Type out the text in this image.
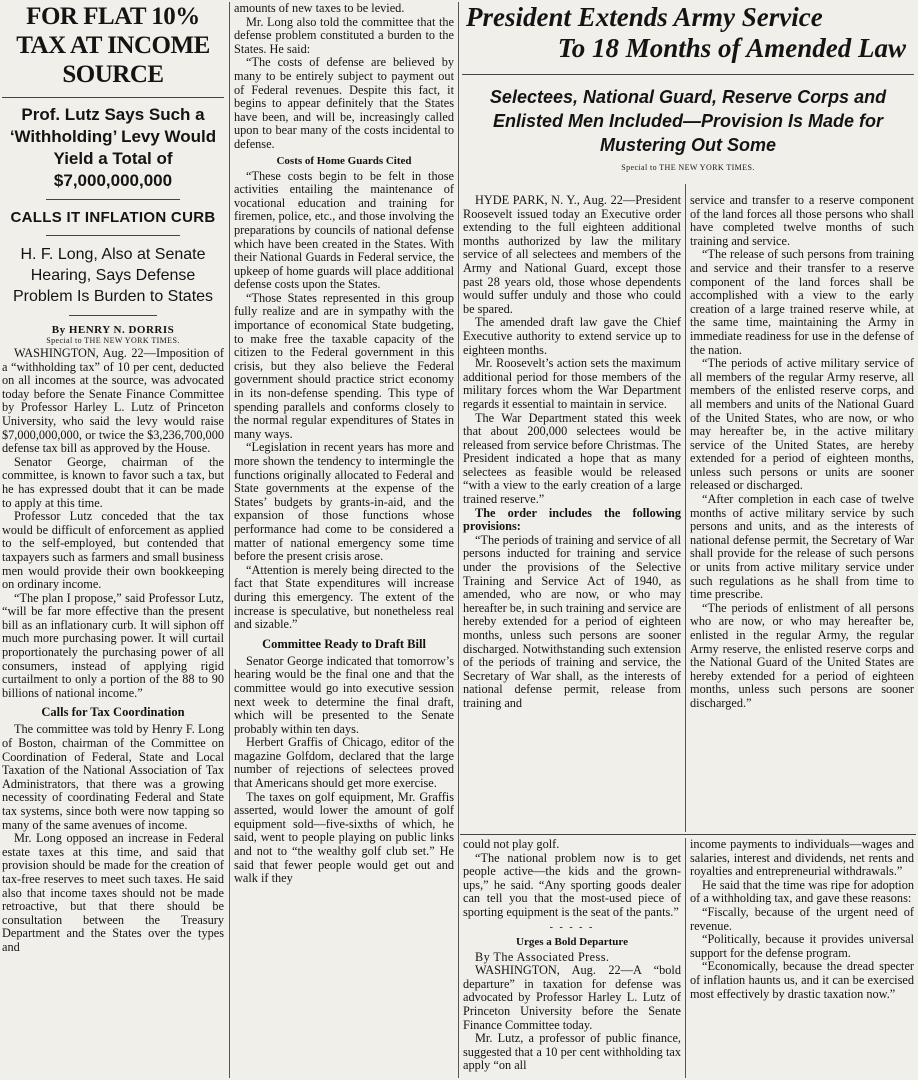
FOR FLAT 10% TAX AT INCOME SOURCE

Prof. Lutz Says Such a ‘Withholding’ Levy Would Yield a Total of $7,000,000,000

CALLS IT INFLATION CURB

H. F. Long, Also at Senate Hearing, Says Defense Problem Is Burden to States

By HENRY N. DORRIS

Special to THE NEW YORK TIMES.

WASHINGTON, Aug. 22—Imposition of a “withholding tax” of 10 per cent, deducted on all incomes at the source, was advocated today before the Senate Finance Committee by Professor Harley L. Lutz of Princeton University, who said the levy would raise $7,000,000,000, or twice the $3,236,700,000 defense tax bill as approved by the House.

Senator George, chairman of the committee, is known to favor such a tax, but he has expressed doubt that it can be made to apply at this time.

Professor Lutz conceded that the tax would be difficult of enforcement as applied to the self-employed, but contended that taxpayers such as farmers and small business men would provide their own bookkeeping on ordinary income.

“The plan I propose,” said Professor Lutz, “will be far more effective than the present bill as an inflationary curb. It will siphon off much more purchasing power. It will curtail proportionately the purchasing power of all consumers, instead of applying rigid curtailment to only a portion of the 88 to 90 billions of national income.”

Calls for Tax Coordination

The committee was told by Henry F. Long of Boston, chairman of the Committee on Coordination of Federal, State and Local Taxation of the National Association of Tax Administrators, that there was a growing necessity of coordinating Federal and State tax systems, since both were now tapping so many of the same avenues of income.

Mr. Long opposed an increase in Federal estate taxes at this time, and said that provision should be made for the creation of tax-free reserves to meet such taxes. He said also that income taxes should not be made retroactive, but that there should be consultation between the Treasury Department and the States over the types and

amounts of new taxes to be levied.

Mr. Long also told the committee that the defense problem constituted a burden to the States. He said:

“The costs of defense are believed by many to be entirely subject to payment out of Federal revenues. Despite this fact, it begins to appear definitely that the States have been, and will be, increasingly called upon to bear many of the costs incidental to defense.

Costs of Home Guards Cited

“These costs begin to be felt in those activities entailing the maintenance of vocational education and training for firemen, police, etc., and those involving the preparations by councils of national defense which have been created in the States. With their National Guards in Federal service, the upkeep of home guards will place additional defense costs upon the States.

“Those States represented in this group fully realize and are in sympathy with the importance of economical State budgeting, to make free the taxable capacity of the citizen to the Federal government in this crisis, but they also believe the Federal government should practice strict economy in its non-defense spending. This type of spending parallels and conforms closely to the normal regular expenditures of States in many ways.

“Legislation in recent years has more and more shown the tendency to intermingle the functions originally allocated to Federal and State governments at the expense of the States’ budgets by grants-in-aid, and the expansion of those functions whose performance had come to be considered a matter of national emergency some time before the present crisis arose.

“Attention is merely being directed to the fact that State expenditures will increase during this emergency. The extent of the increase is speculative, but nonetheless real and sizable.”

Committee Ready to Draft Bill

Senator George indicated that tomorrow’s hearing would be the final one and that the committee would go into executive session next week to determine the final draft, which will be presented to the Senate probably within ten days.

Herbert Graffis of Chicago, editor of the magazine Golfdom, declared that the large number of rejections of selectees proved that Americans should get more exercise.

The taxes on golf equipment, Mr. Graffis asserted, would lower the amount of golf equipment sold—five-sixths of which, he said, went to people playing on public links and not to “the wealthy golf club set.” He said that fewer people would get out and walk if they

President Extends Army Service

To 18 Months of Amended Law

Selectees, National Guard, Reserve Corps and Enlisted Men Included—Provision Is Made for Mustering Out Some

Special to THE NEW YORK TIMES.

HYDE PARK, N. Y., Aug. 22—President Roosevelt issued today an Executive order extending to the full eighteen additional months authorized by law the military service of all selectees and members of the Army and National Guard, except those past 28 years old, those whose dependents would suffer unduly and those who could be spared.

The amended draft law gave the Chief Executive authority to extend service up to eighteen months.

Mr. Roosevelt’s action sets the maximum additional period for those members of the military forces whom the War Department regards it essential to maintain in service.

The War Department stated this week that about 200,000 selectees would be released from service before Christmas. The President indicated a hope that as many selectees as feasible would be released “with a view to the early creation of a large trained reserve.”

The order includes the following provisions:

“The periods of training and service of all persons inducted for training and service under the provisions of the Selective Training and Service Act of 1940, as amended, who are now, or who may hereafter be, in such training and service are hereby extended for a period of eighteen months, unless such persons are sooner discharged. Notwithstanding such extension of the periods of training and service, the Secretary of War shall, as the interests of national defense permit, release from training and

service and transfer to a reserve component of the land forces all those persons who shall have completed twelve months of such training and service.

“The release of such persons from training and service and their transfer to a reserve component of the land forces shall be accomplished with a view to the early creation of a large trained reserve while, at the same time, maintaining the Army in immediate readiness for use in the defense of the nation.

“The periods of active military service of all members of the regular Army reserve, all members of the enlisted reserve corps, and all members and units of the National Guard of the United States, who are now, or who may hereafter be, in the active military service of the United States, are hereby extended for a period of eighteen months, unless such persons or units are sooner released or discharged.

“After completion in each case of twelve months of active military service by such persons and units, and as the interests of national defense permit, the Secretary of War shall provide for the release of such persons or units from active military service under such regulations as he shall from time to time prescribe.

“The periods of enlistment of all persons who are now, or who may hereafter be, enlisted in the regular Army, the regular Army reserve, the enlisted reserve corps and the National Guard of the United States are hereby extended for a period of eighteen months, unless such persons are sooner discharged.”

could not play golf.

“The national problem now is to get people active—the kids and the grown-ups,” he said. “Any sporting goods dealer can tell you that the most-used piece of sporting equipment is the seat of the pants.”

- - - - -
Urges a Bold Departure

By The Associated Press.

WASHINGTON, Aug. 22—A “bold departure” in taxation for defense was advocated by Professor Harley L. Lutz of Princeton University before the Senate Finance Committee today.

Mr. Lutz, a professor of public finance, suggested that a 10 per cent withholding tax apply “on all

income payments to individuals—wages and salaries, interest and dividends, net rents and royalties and entrepreneurial withdrawals.”

He said that the time was ripe for adoption of a withholding tax, and gave these reasons:

“Fiscally, because of the urgent need of revenue.

“Politically, because it provides universal support for the defense program.

“Economically, because the dread specter of inflation haunts us, and it can be exercised most effectively by drastic taxation now.”
